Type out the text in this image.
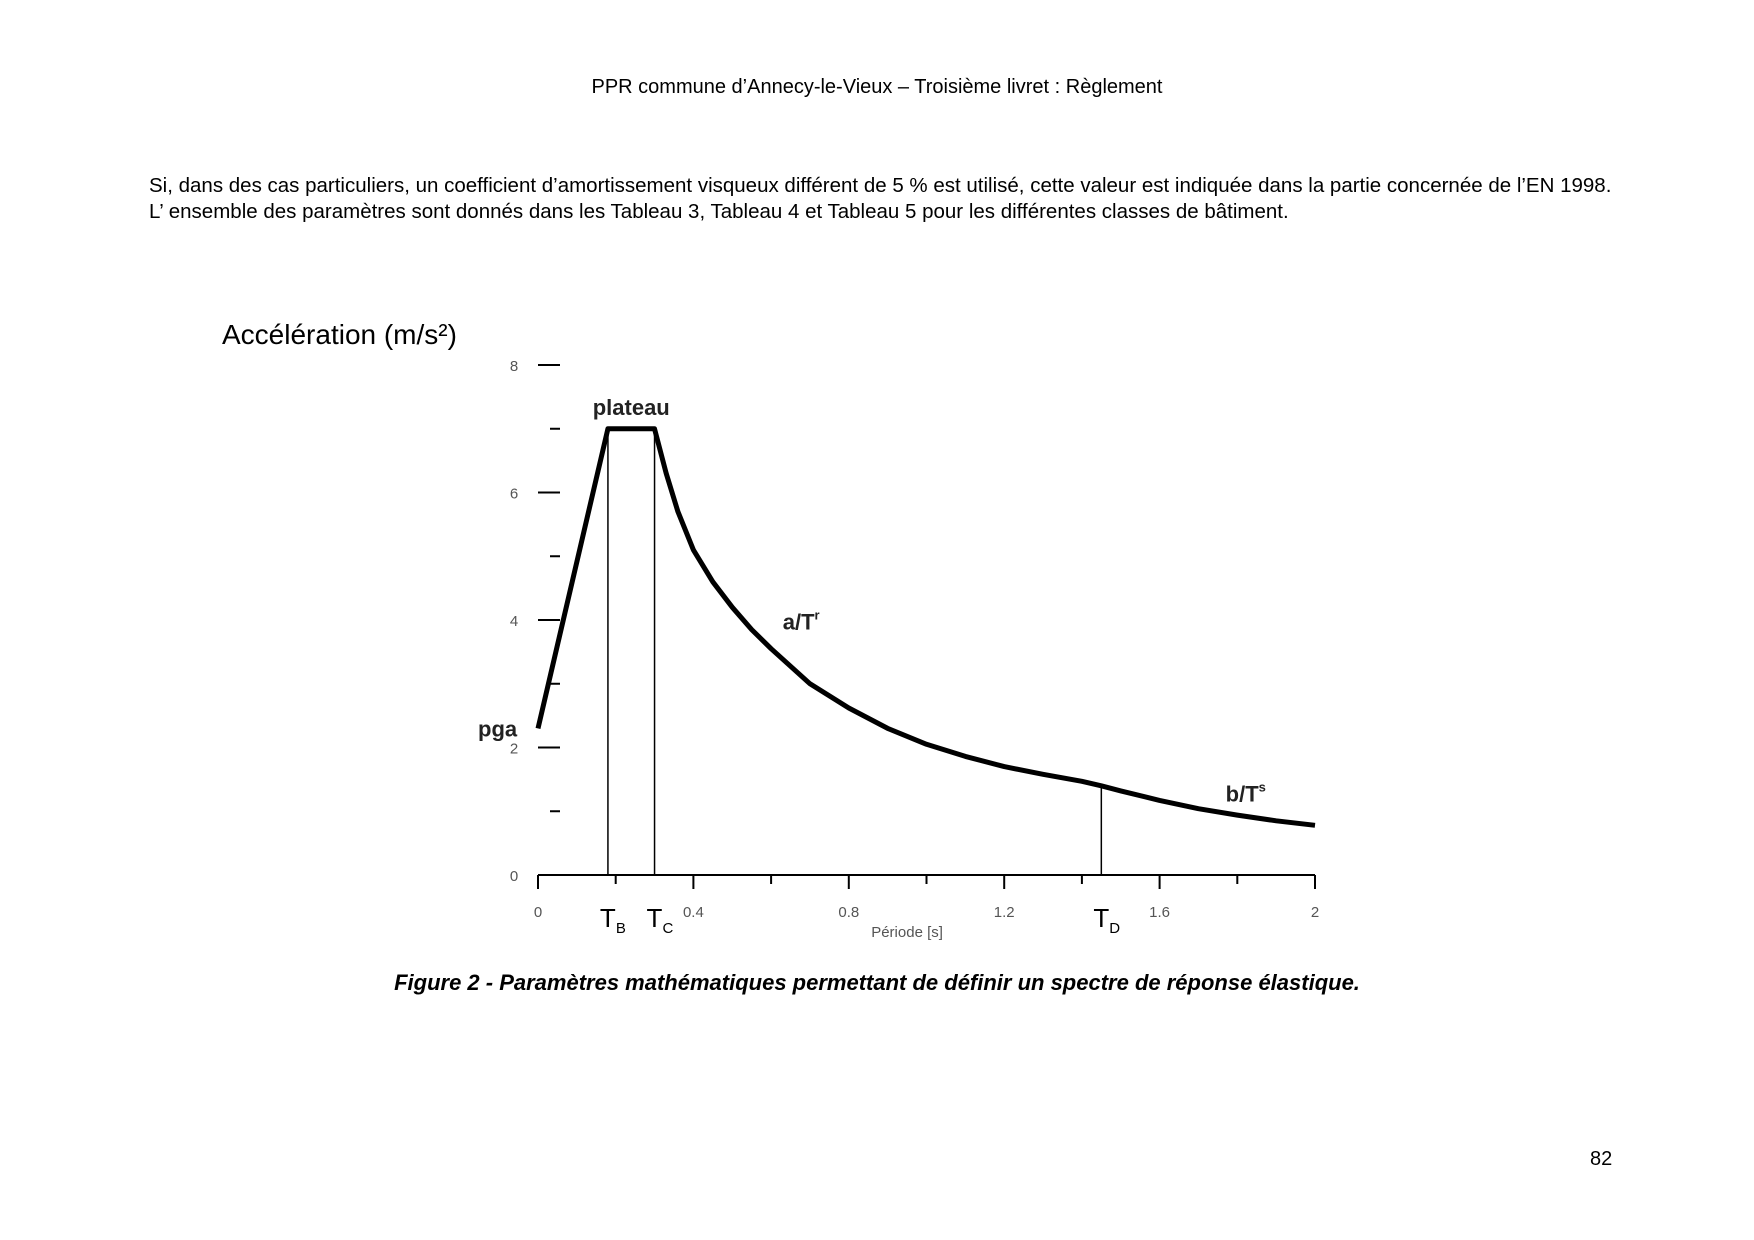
PPR commune d’Annecy-le-Vieux – Troisième livret : Règlement

Si, dans des cas particuliers, un coefficient d’amortissement visqueux différent de 5 % est utilisé, cette valeur est indiquée dans la partie concernée de l’EN 1998.

L’ ensemble des paramètres sont donnés dans les Tableau 3, Tableau 4 et Tableau 5 pour les différentes classes de bâtiment.

Accélération (m/s²)
0
2
4
6
8
0	0.4	0.8	1.2	1.6	2
Période [s]
$T_B$ $T_C$	$T_D$
plateau
$a/T^r$
$b/T^s$
pga
Figure 2 - Paramètres mathématiques permettant de définir un spectre de réponse élastique.
82
